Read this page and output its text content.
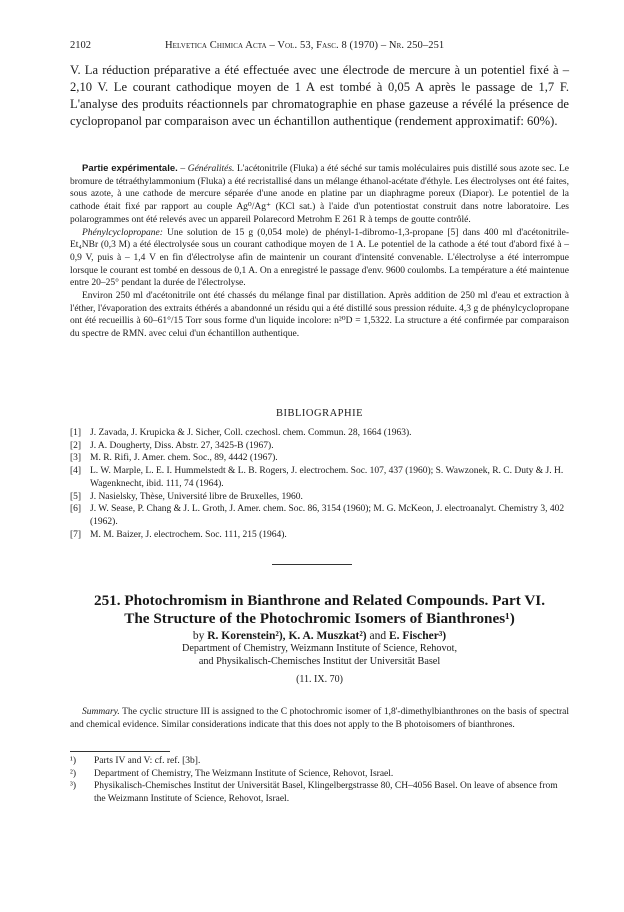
2102	Helvetica Chimica Acta – Vol. 53, Fasc. 8 (1970) – Nr. 250–251

V. La réduction préparative a été effectuée avec une électrode de mercure à un potentiel fixé à – 2,10 V. Le courant cathodique moyen de 1 A est tombé à 0,05 A après le passage de 1,7 F. L'analyse des produits réactionnels par chromatographie en phase gazeuse a révélé la présence de cyclopropanol par comparaison avec un échantillon authentique (rendement approximatif: 60%).

Partie expérimentale. – Généralités. L'acétonitrile (Fluka) a été séché sur tamis moléculaires puis distillé sous azote sec. Le bromure de tétraéthylammonium (Fluka) a été recristallisé dans un mélange éthanol-acétate d'éthyle. Les électrolyses ont été faites, sous azote, à une cathode de mercure séparée d'une anode en platine par un diaphragme poreux (Diapor). Le potentiel de la cathode était fixé par rapport au couple Ag⁰/Ag⁺ (KCl sat.) à l'aide d'un potentiostat construit dans notre laboratoire. Les polarogrammes ont été relevés avec un appareil Polarecord Metrohm E 261 R à temps de goutte contrôlé.

Phénylcyclopropane: Une solution de 15 g (0,054 mole) de phényl-1-dibromo-1,3-propane [5] dans 400 ml d'acétonitrile-Et₄NBr (0,3 M) a été électrolysée sous un courant cathodique moyen de 1 A. Le potentiel de la cathode a été tout d'abord fixé à – 0,9 V, puis à – 1,4 V en fin d'électrolyse afin de maintenir un courant d'intensité convenable. L'électrolyse a été interrompue lorsque le courant est tombé en dessous de 0,1 A. On a enregistré le passage d'env. 9600 coulombs. La température a été maintenue entre 20–25° pendant la durée de l'électrolyse.

Environ 250 ml d'acétonitrile ont été chassés du mélange final par distillation. Après addition de 250 ml d'eau et extraction à l'éther, l'évaporation des extraits éthérés a abandonné un résidu qui a été distillé sous pression réduite. 4,3 g de phénylcyclopropane ont été recueillis à 60–61°/15 Torr sous forme d'un liquide incolore: n²⁰D = 1,5322. La structure a été confirmée par comparaison du spectre de RMN. avec celui d'un échantillon authentique.

BIBLIOGRAPHIE
[1] J. Zavada, J. Krupicka & J. Sicher, Coll. czechosl. chem. Commun. 28, 1664 (1963).
[2] J. A. Dougherty, Diss. Abstr. 27, 3425-B (1967).
[3] M. R. Rifi, J. Amer. chem. Soc., 89, 4442 (1967).
[4] L. W. Marple, L. E. I. Hummelstedt & L. B. Rogers, J. electrochem. Soc. 107, 437 (1960); S. Wawzonek, R. C. Duty & J. H. Wagenknecht, ibid. 111, 74 (1964).
[5] J. Nasielsky, Thèse, Université libre de Bruxelles, 1960.
[6] J. W. Sease, P. Chang & J. L. Groth, J. Amer. chem. Soc. 86, 3154 (1960); M. G. McKeon, J. electroanalyt. Chemistry 3, 402 (1962).
[7] M. M. Baizer, J. electrochem. Soc. 111, 215 (1964).
251. Photochromism in Bianthrone and Related Compounds. Part VI.
The Structure of the Photochromic Isomers of Bianthrones¹)
by R. Korenstein²), K. A. Muszkat²) and E. Fischer³)
Department of Chemistry, Weizmann Institute of Science, Rehovot,
and Physikalisch-Chemisches Institut der Universität Basel
(11. IX. 70)

Summary. The cyclic structure III is assigned to the C photochromic isomer of 1,8'-dimethylbianthrones on the basis of spectral and chemical evidence. Similar considerations indicate that this does not apply to the B photoisomers of bianthrones.

¹) Parts IV and V: cf. ref. [3b].
²) Department of Chemistry, The Weizmann Institute of Science, Rehovot, Israel.
³) Physikalisch-Chemisches Institut der Universität Basel, Klingelbergstrasse 80, CH–4056 Basel. On leave of absence from the Weizmann Institute of Science, Rehovot, Israel.
